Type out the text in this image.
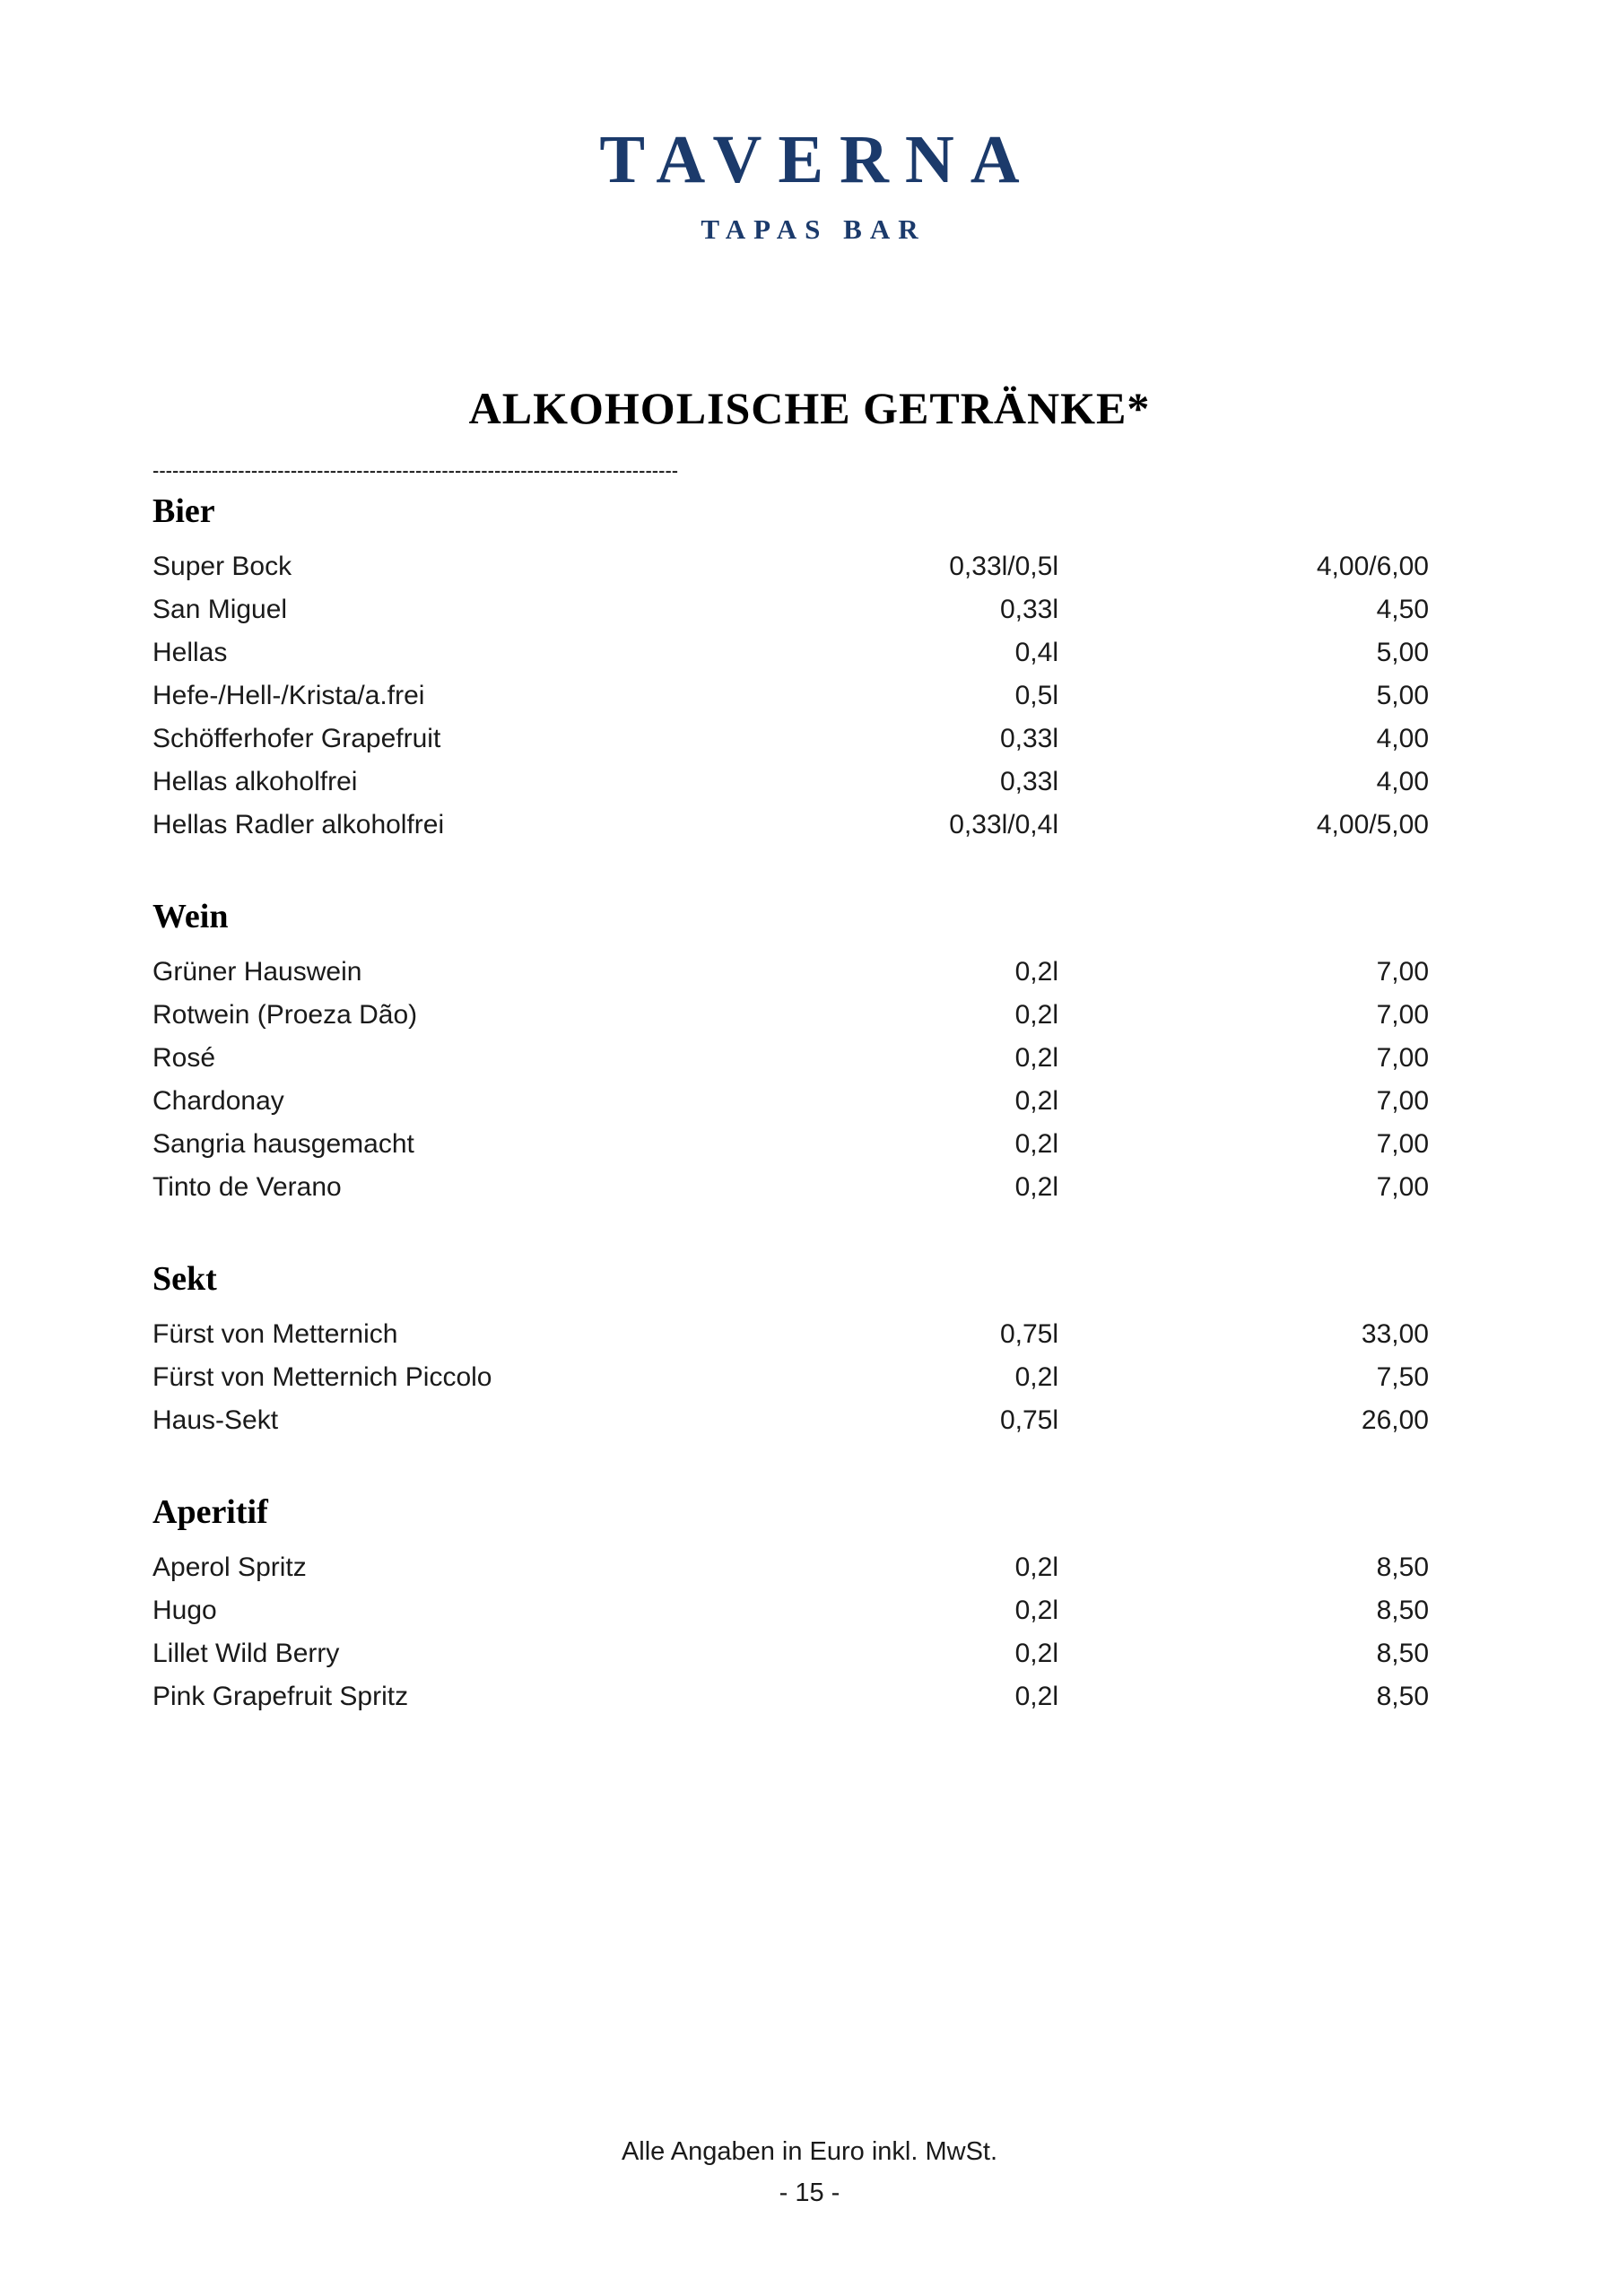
TAVERNA
TAPAS BAR
ALKOHOLISCHE GETRÄNKE*
--------------------------------------------------------------------------------
Bier
Super Bock	0,33l/0,5l	4,00/6,00
San Miguel	0,33l	4,50
Hellas	0,4l	5,00
Hefe-/Hell-/Krista/a.frei	0,5l	5,00
Schöfferhofer Grapefruit	0,33l	4,00
Hellas alkoholfrei	0,33l	4,00
Hellas Radler alkoholfrei	0,33l/0,4l	4,00/5,00
Wein
Grüner Hauswein	0,2l	7,00
Rotwein (Proeza Dão)	0,2l	7,00
Rosé	0,2l	7,00
Chardonay	0,2l	7,00
Sangria hausgemacht	0,2l	7,00
Tinto de Verano	0,2l	7,00
Sekt
Fürst von Metternich	0,75l	33,00
Fürst von Metternich Piccolo	0,2l	7,50
Haus-Sekt	0,75l	26,00
Aperitif
Aperol Spritz	0,2l	8,50
Hugo	0,2l	8,50
Lillet Wild Berry	0,2l	8,50
Pink Grapefruit Spritz	0,2l	8,50
Alle Angaben in Euro inkl. MwSt.
- 15 -
